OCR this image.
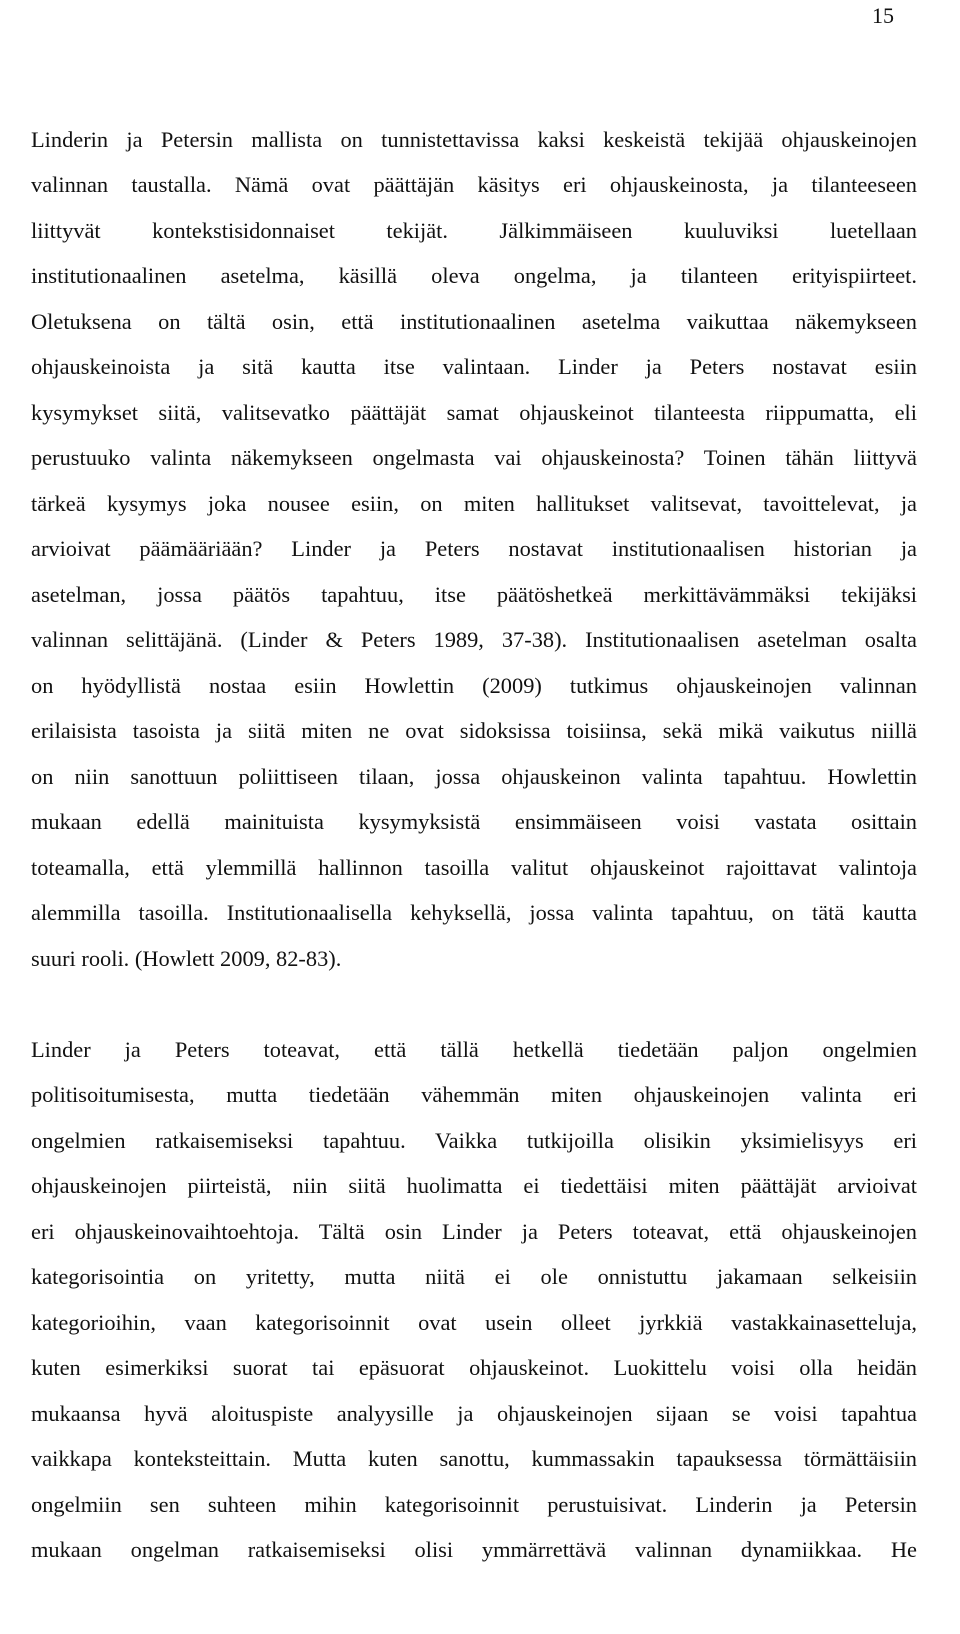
15
Linderin ja Petersin mallista on tunnistettavissa kaksi keskeistä tekijää ohjauskeinojen
valinnan taustalla. Nämä ovat päättäjän käsitys eri ohjauskeinosta, ja tilanteeseen
liittyvät kontekstisidonnaiset tekijät. Jälkimmäiseen kuuluviksi luetellaan
institutionaalinen asetelma, käsillä oleva ongelma, ja tilanteen erityispiirteet.
Oletuksena on tältä osin, että institutionaalinen asetelma vaikuttaa näkemykseen
ohjauskeinoista ja sitä kautta itse valintaan. Linder ja Peters nostavat esiin
kysymykset siitä, valitsevatko päättäjät samat ohjauskeinot tilanteesta riippumatta, eli
perustuuko valinta näkemykseen ongelmasta vai ohjauskeinosta? Toinen tähän liittyvä
tärkeä kysymys joka nousee esiin, on miten hallitukset valitsevat, tavoittelevat, ja
arvioivat päämääriään? Linder ja Peters nostavat institutionaalisen historian ja
asetelman, jossa päätös tapahtuu, itse päätöshetkeä merkittävämmäksi tekijäksi
valinnan selittäjänä. (Linder & Peters 1989, 37-38). Institutionaalisen asetelman osalta
on hyödyllistä nostaa esiin Howlettin (2009) tutkimus ohjauskeinojen valinnan
erilaisista tasoista ja siitä miten ne ovat sidoksissa toisiinsa, sekä mikä vaikutus niillä
on niin sanottuun poliittiseen tilaan, jossa ohjauskeinon valinta tapahtuu. Howlettin
mukaan edellä mainituista kysymyksistä ensimmäiseen voisi vastata osittain
toteamalla, että ylemmillä hallinnon tasoilla valitut ohjauskeinot rajoittavat valintoja
alemmilla tasoilla. Institutionaalisella kehyksellä, jossa valinta tapahtuu, on tätä kautta
suuri rooli. (Howlett 2009, 82-83).
Linder ja Peters toteavat, että tällä hetkellä tiedetään paljon ongelmien
politisoitumisesta, mutta tiedetään vähemmän miten ohjauskeinojen valinta eri
ongelmien ratkaisemiseksi tapahtuu. Vaikka tutkijoilla olisikin yksimielisyys eri
ohjauskeinojen piirteistä, niin siitä huolimatta ei tiedettäisi miten päättäjät arvioivat
eri ohjauskeinovaihtoehtoja. Tältä osin Linder ja Peters toteavat, että ohjauskeinojen
kategorisointia on yritetty, mutta niitä ei ole onnistuttu jakamaan selkeisiin
kategorioihin, vaan kategorisoinnit ovat usein olleet jyrkkiä vastakkainasetteluja,
kuten esimerkiksi suorat tai epäsuorat ohjauskeinot. Luokittelu voisi olla heidän
mukaansa hyvä aloituspiste analyysille ja ohjauskeinojen sijaan se voisi tapahtua
vaikkapa konteksteittain. Mutta kuten sanottu, kummassakin tapauksessa törmättäisiin
ongelmiin sen suhteen mihin kategorisoinnit perustuisivat. Linderin ja Petersin
mukaan ongelman ratkaisemiseksi olisi ymmärrettävä valinnan dynamiikkaa. He
